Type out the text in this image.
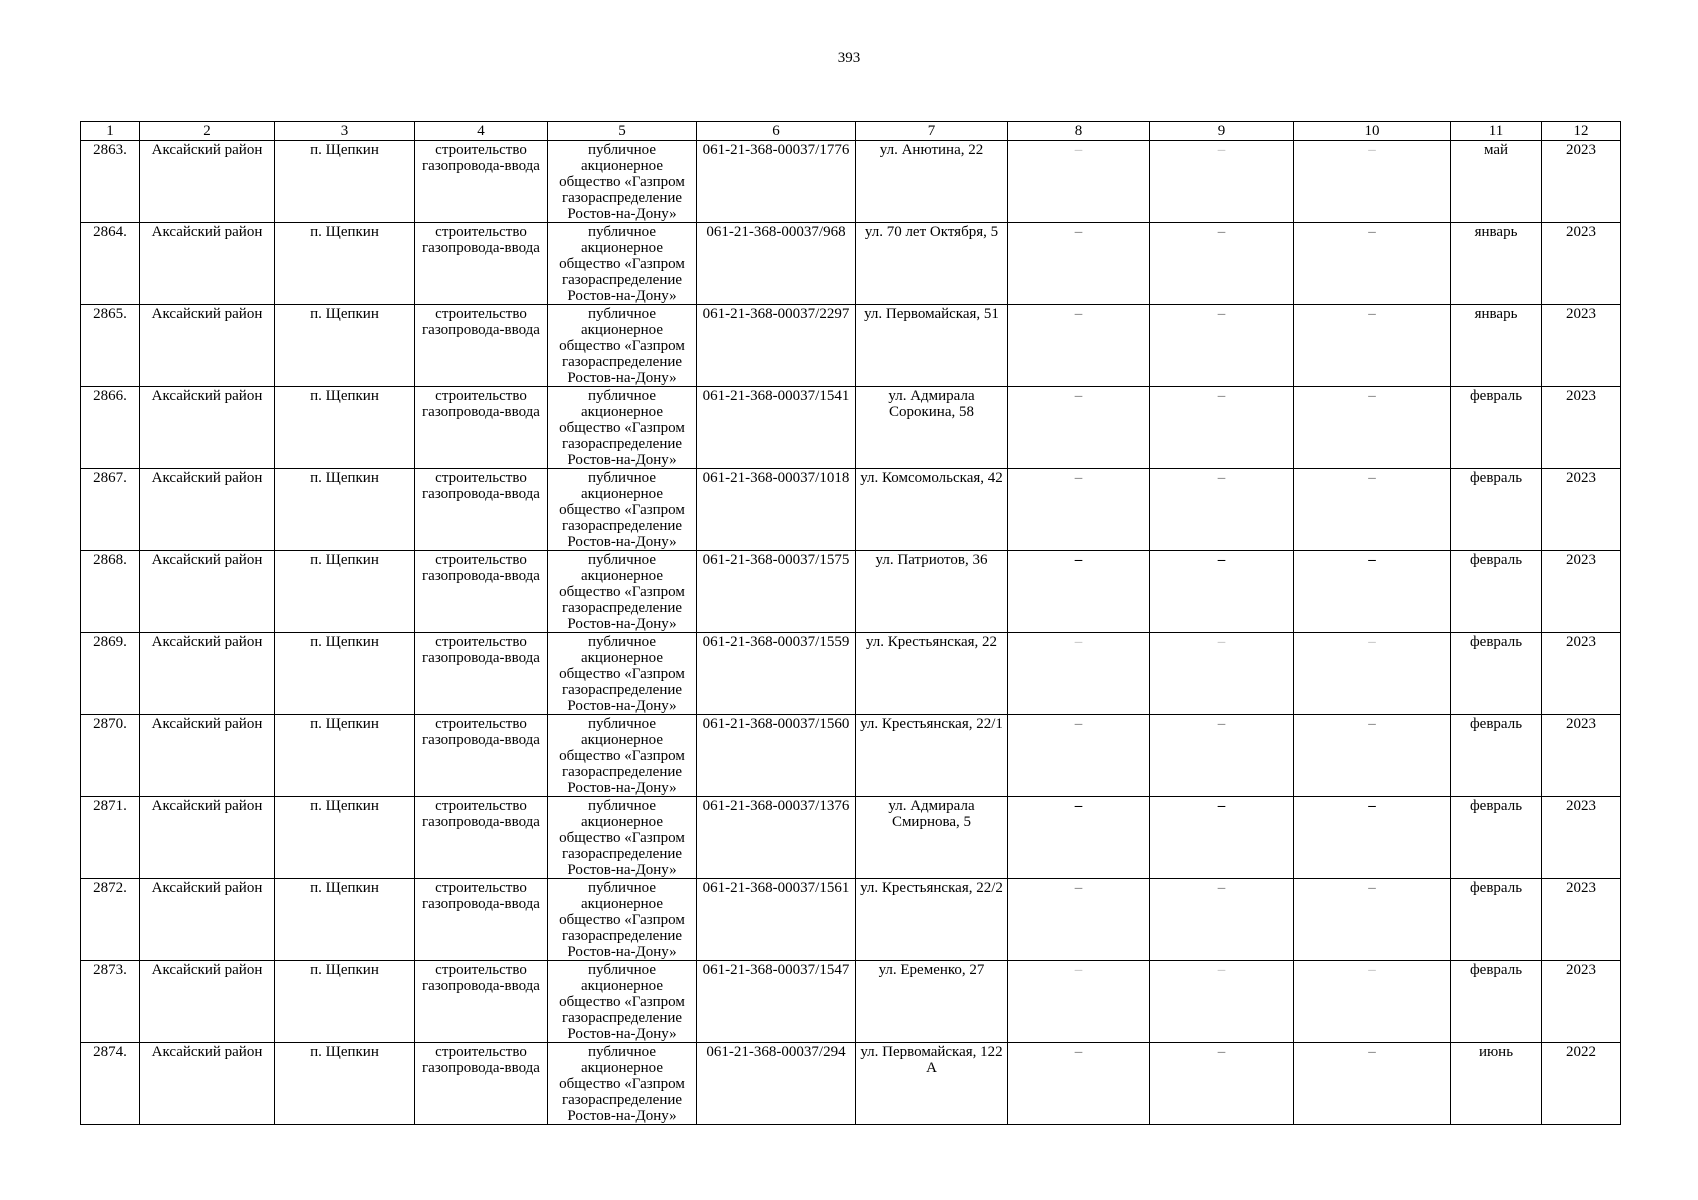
393
1	2	3	4	5	6	7	8	9	10	11	12
2863.	Аксайский район	п. Щепкин	строительство газопровода-ввода	публичное акционерное общество «Газпром газораспределение Ростов-на-Дону»	061-21-368-00037/1776	ул. Анютина, 22	–	–	–	май	2023
2864.	Аксайский район	п. Щепкин	строительство газопровода-ввода	публичное акционерное общество «Газпром газораспределение Ростов-на-Дону»	061-21-368-00037/968	ул. 70 лет Октября, 5	–	–	–	январь	2023
2865.	Аксайский район	п. Щепкин	строительство газопровода-ввода	публичное акционерное общество «Газпром газораспределение Ростов-на-Дону»	061-21-368-00037/2297	ул. Первомайская, 51	–	–	–	январь	2023
2866.	Аксайский район	п. Щепкин	строительство газопровода-ввода	публичное акционерное общество «Газпром газораспределение Ростов-на-Дону»	061-21-368-00037/1541	ул. Адмирала Сорокина, 58	–	–	–	февраль	2023
2867.	Аксайский район	п. Щепкин	строительство газопровода-ввода	публичное акционерное общество «Газпром газораспределение Ростов-на-Дону»	061-21-368-00037/1018	ул. Комсомольская, 42	–	–	–	февраль	2023
2868.	Аксайский район	п. Щепкин	строительство газопровода-ввода	публичное акционерное общество «Газпром газораспределение Ростов-на-Дону»	061-21-368-00037/1575	ул. Патриотов, 36	–	–	–	февраль	2023
2869.	Аксайский район	п. Щепкин	строительство газопровода-ввода	публичное акционерное общество «Газпром газораспределение Ростов-на-Дону»	061-21-368-00037/1559	ул. Крестьянская, 22	–	–	–	февраль	2023
2870.	Аксайский район	п. Щепкин	строительство газопровода-ввода	публичное акционерное общество «Газпром газораспределение Ростов-на-Дону»	061-21-368-00037/1560	ул. Крестьянская, 22/1	–	–	–	февраль	2023
2871.	Аксайский район	п. Щепкин	строительство газопровода-ввода	публичное акционерное общество «Газпром газораспределение Ростов-на-Дону»	061-21-368-00037/1376	ул. Адмирала Смирнова, 5	–	–	–	февраль	2023
2872.	Аксайский район	п. Щепкин	строительство газопровода-ввода	публичное акционерное общество «Газпром газораспределение Ростов-на-Дону»	061-21-368-00037/1561	ул. Крестьянская, 22/2	–	–	–	февраль	2023
2873.	Аксайский район	п. Щепкин	строительство газопровода-ввода	публичное акционерное общество «Газпром газораспределение Ростов-на-Дону»	061-21-368-00037/1547	ул. Еременко, 27	–	–	–	февраль	2023
2874.	Аксайский район	п. Щепкин	строительство газопровода-ввода	публичное акционерное общество «Газпром газораспределение Ростов-на-Дону»	061-21-368-00037/294	ул. Первомайская, 122 А	–	–	–	июнь	2022
